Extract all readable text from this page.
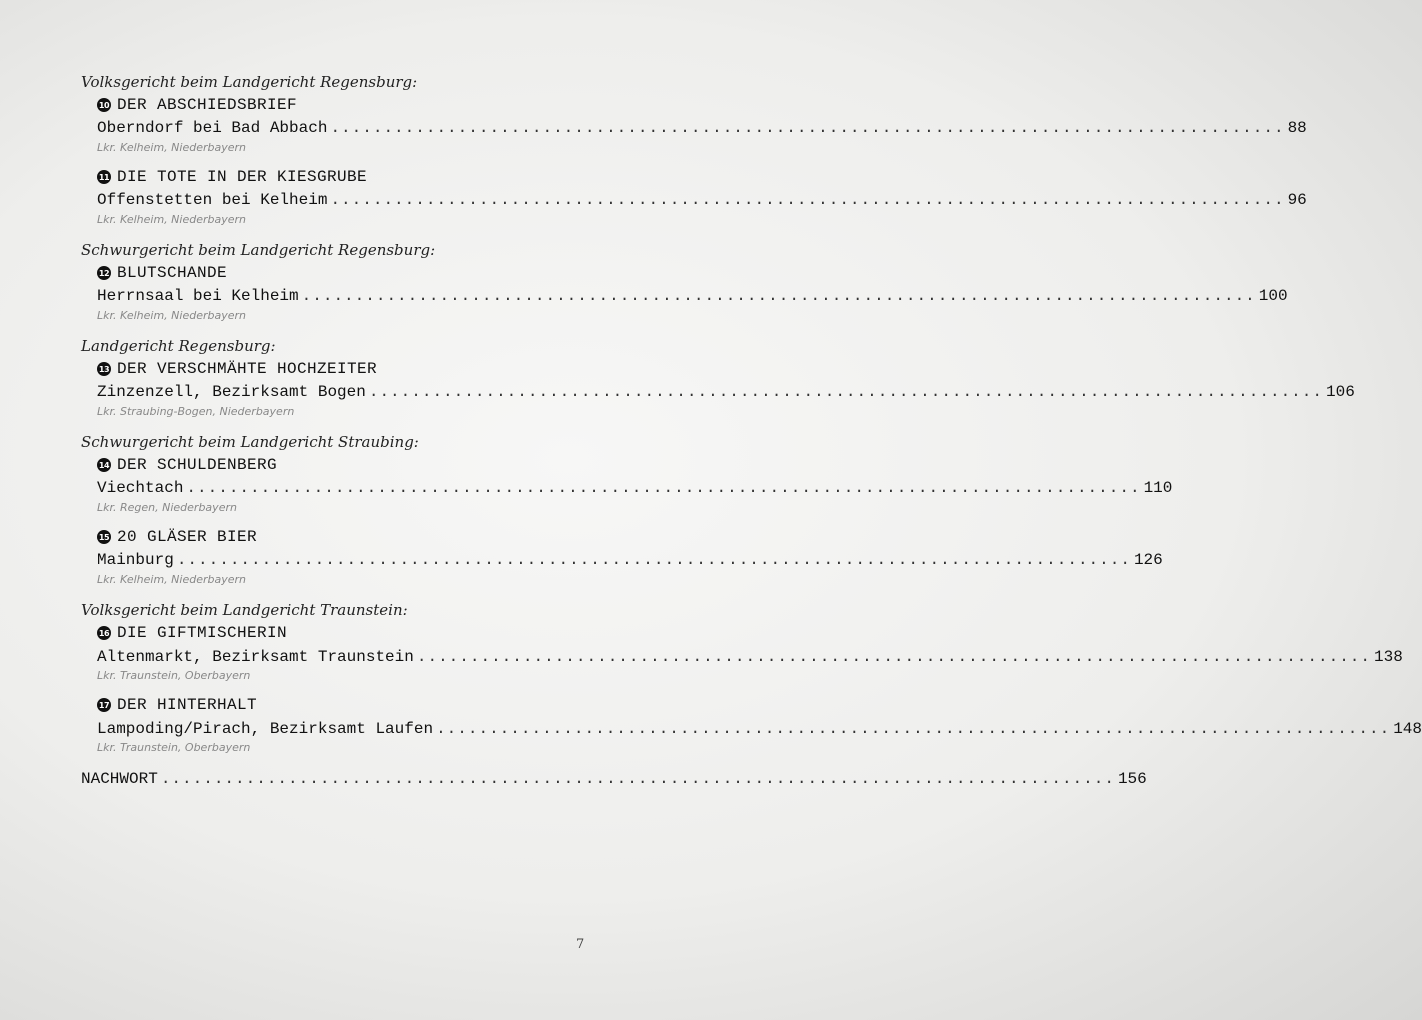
Volksgericht beim Landgericht Regensburg:
10 DER ABSCHIEDSBRIEF
Oberndorf bei Bad Abbach .......................................................................................... 88
Lkr. Kelheim, Niederbayern
11 DIE TOTE IN DER KIESGRUBE
Offenstetten bei Kelheim .......................................................................................... 96
Lkr. Kelheim, Niederbayern
Schwurgericht beim Landgericht Regensburg:
12 BLUTSCHANDE
Herrnsaal bei Kelheim .......................................................................................... 100
Lkr. Kelheim, Niederbayern
Landgericht Regensburg:
13 DER VERSCHMÄHTE HOCHZEITER
Zinzenzell, Bezirksamt Bogen .......................................................................................... 106
Lkr. Straubing-Bogen, Niederbayern
Schwurgericht beim Landgericht Straubing:
14 DER SCHULDENBERG
Viechtach .......................................................................................... 110
Lkr. Regen, Niederbayern
15 20 GLÄSER BIER
Mainburg .......................................................................................... 126
Lkr. Kelheim, Niederbayern
Volksgericht beim Landgericht Traunstein:
16 DIE GIFTMISCHERIN
Altenmarkt, Bezirksamt Traunstein .......................................................................................... 138
Lkr. Traunstein, Oberbayern
17 DER HINTERHALT
Lampoding/Pirach, Bezirksamt Laufen .......................................................................................... 148
Lkr. Traunstein, Oberbayern
NACHWORT .......................................................................................... 156
7
